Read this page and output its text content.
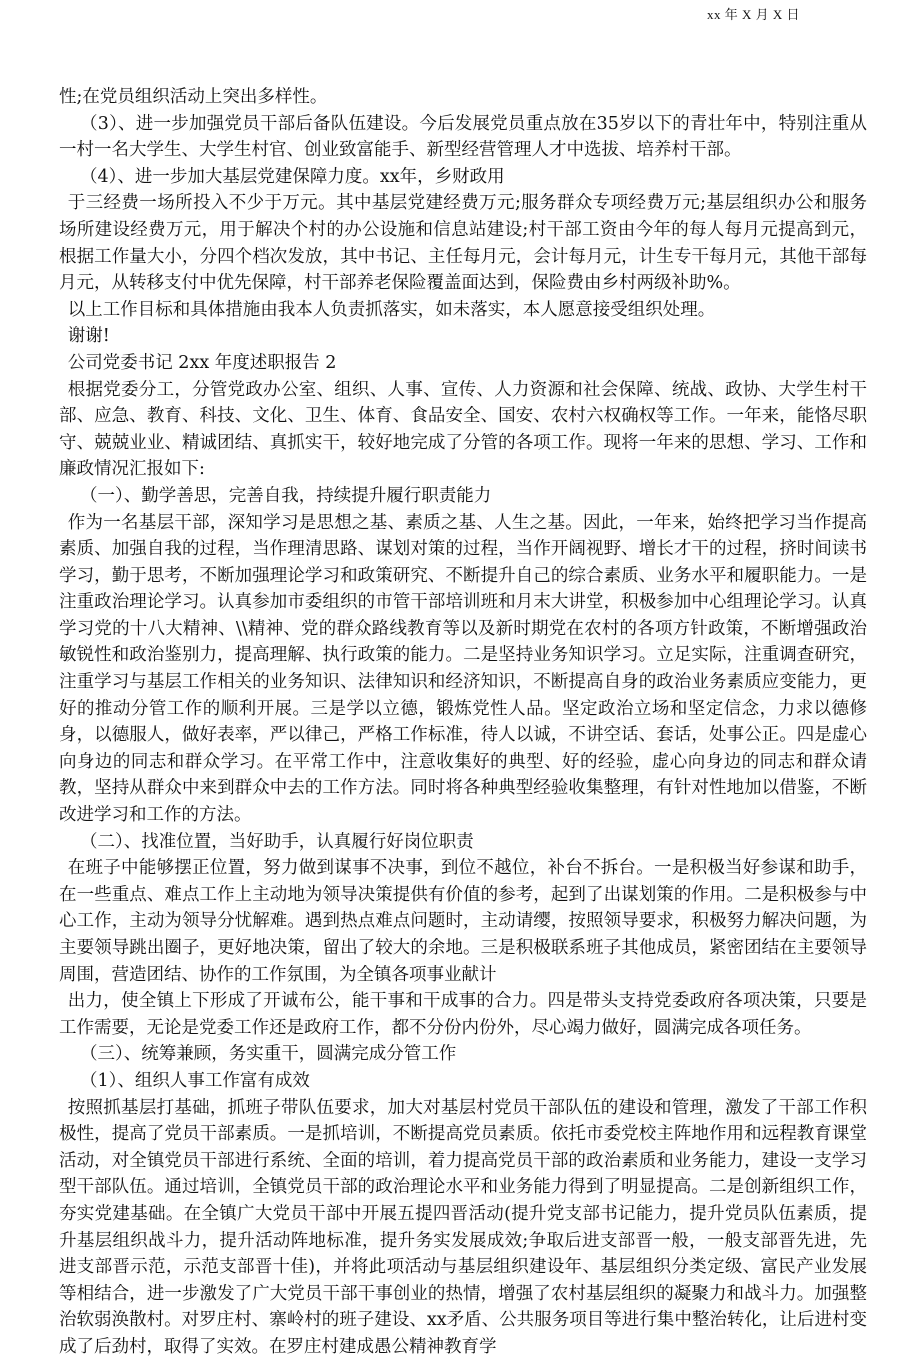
xx 年 X 月 X 日

性;在党员组织活动上突出多样性。

（3）、进一步加强党员干部后备队伍建设。今后发展党员重点放在35岁以下的青壮年中，特别注重从一村一名大学生、大学生村官、创业致富能手、新型经营管理人才中选拔、培养村干部。

（4）、进一步加大基层党建保障力度。xx年，乡财政用

于三经费一场所投入不少于万元。其中基层党建经费万元;服务群众专项经费万元;基层组织办公和服务场所建设经费万元，用于解决个村的办公设施和信息站建设;村干部工资由今年的每人每月元提高到元，根据工作量大小，分四个档次发放，其中书记、主任每月元，会计每月元，计生专干每月元，其他干部每月元，从转移支付中优先保障，村干部养老保险覆盖面达到，保险费由乡村两级补助%。

以上工作目标和具体措施由我本人负责抓落实，如未落实，本人愿意接受组织处理。

谢谢!

公司党委书记 2xx 年度述职报告 2

根据党委分工，分管党政办公室、组织、人事、宣传、人力资源和社会保障、统战、政协、大学生村干部、应急、教育、科技、文化、卫生、体育、食品安全、国安、农村六权确权等工作。一年来，能恪尽职守、兢兢业业、精诚团结、真抓实干，较好地完成了分管的各项工作。现将一年来的思想、学习、工作和廉政情况汇报如下:

（一）、勤学善思，完善自我，持续提升履行职责能力

作为一名基层干部，深知学习是思想之基、素质之基、人生之基。因此，一年来，始终把学习当作提高素质、加强自我的过程，当作理清思路、谋划对策的过程，当作开阔视野、增长才干的过程，挤时间读书学习，勤于思考，不断加强理论学习和政策研究、不断提升自己的综合素质、业务水平和履职能力。一是注重政治理论学习。认真参加市委组织的市管干部培训班和月末大讲堂，积极参加中心组理论学习。认真学习党的十八大精神、\\精神、党的群众路线教育等以及新时期党在农村的各项方针政策，不断增强政治敏锐性和政治鉴别力，提高理解、执行政策的能力。二是坚持业务知识学习。立足实际，注重调查研究，注重学习与基层工作相关的业务知识、法律知识和经济知识，不断提高自身的政治业务素质应变能力，更好的推动分管工作的顺利开展。三是学以立德，锻炼党性人品。坚定政治立场和坚定信念，力求以德修身，以德服人，做好表率，严以律己，严格工作标准，待人以诚，不讲空话、套话，处事公正。四是虚心向身边的同志和群众学习。在平常工作中，注意收集好的典型、好的经验，虚心向身边的同志和群众请教，坚持从群众中来到群众中去的工作方法。同时将各种典型经验收集整理，有针对性地加以借鉴，不断改进学习和工作的方法。

（二）、找准位置，当好助手，认真履行好岗位职责

在班子中能够摆正位置，努力做到谋事不决事，到位不越位，补台不拆台。一是积极当好参谋和助手，在一些重点、难点工作上主动地为领导决策提供有价值的参考，起到了出谋划策的作用。二是积极参与中心工作，主动为领导分忧解难。遇到热点难点问题时，主动请缨，按照领导要求，积极努力解决问题，为主要领导跳出圈子，更好地决策，留出了较大的余地。三是积极联系班子其他成员，紧密团结在主要领导周围，营造团结、协作的工作氛围，为全镇各项事业献计

出力，使全镇上下形成了开诚布公，能干事和干成事的合力。四是带头支持党委政府各项决策，只要是工作需要，无论是党委工作还是政府工作，都不分份内份外，尽心竭力做好，圆满完成各项任务。

（三）、统筹兼顾，务实重干，圆满完成分管工作

（1）、组织人事工作富有成效

按照抓基层打基础，抓班子带队伍要求，加大对基层村党员干部队伍的建设和管理，激发了干部工作积极性，提高了党员干部素质。一是抓培训，不断提高党员素质。依托市委党校主阵地作用和远程教育课堂活动，对全镇党员干部进行系统、全面的培训，着力提高党员干部的政治素质和业务能力，建设一支学习型干部队伍。通过培训，全镇党员干部的政治理论水平和业务能力得到了明显提高。二是创新组织工作，夯实党建基础。在全镇广大党员干部中开展五提四晋活动(提升党支部书记能力，提升党员队伍素质，提升基层组织战斗力，提升活动阵地标准，提升务实发展成效;争取后进支部晋一般，一般支部晋先进，先进支部晋示范，示范支部晋十佳)，并将此项活动与基层组织建设年、基层组织分类定级、富民产业发展等相结合，进一步激发了广大党员干部干事创业的热情，增强了农村基层组织的凝聚力和战斗力。加强整治软弱涣散村。对罗庄村、寨岭村的班子建设、xx矛盾、公共服务项目等进行集中整治转化，让后进村变成了后劲村，取得了实效。在罗庄村建成愚公精神教育学
